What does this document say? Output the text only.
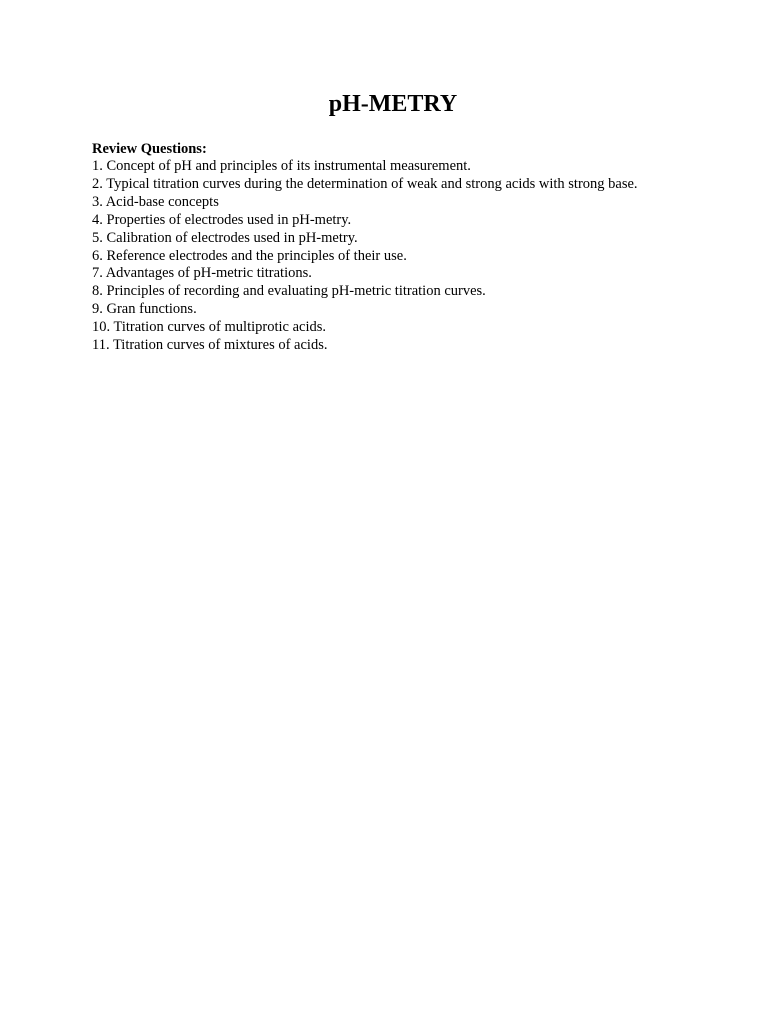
pH-METRY

Review Questions:

1. Concept of pH and principles of its instrumental measurement.
2. Typical titration curves during the determination of weak and strong acids with strong base.
3. Acid-base concepts
4. Properties of electrodes used in pH-metry.
5. Calibration of electrodes used in pH-metry.
6. Reference electrodes and the principles of their use.
7. Advantages of pH-metric titrations.
8. Principles of recording and evaluating pH-metric titration curves.
9. Gran functions.
10. Titration curves of multiprotic acids.
11. Titration curves of mixtures of acids.
